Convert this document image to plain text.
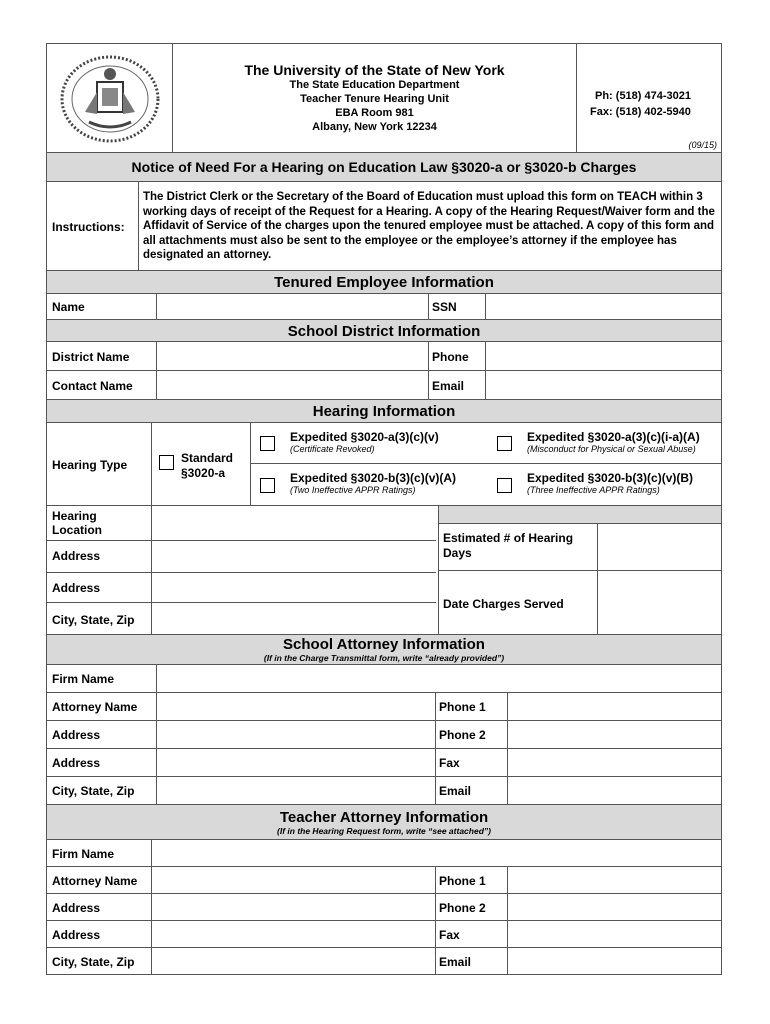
The University of the State of New York
The State Education Department
Teacher Tenure Hearing Unit
EBA Room 981
Albany, New York 12234
Ph: (518) 474-3021
Fax: (518) 402-5940
(09/15)
Notice of Need For a Hearing on Education Law §3020-a or §3020-b Charges
Instructions:
The District Clerk or the Secretary of the Board of Education must upload this form on TEACH within 3 working days of receipt of the Request for a Hearing. A copy of the Hearing Request/Waiver form and the Affidavit of Service of the charges upon the tenured employee must be attached. A copy of this form and all attachments must also be sent to the employee or the employee’s attorney if the employee has designated an attorney.
Tenured Employee Information
Name	SSN
School District Information
District Name	Phone
Contact Name	Email
Hearing Information
Hearing Type	Standard
§3020-a
Expedited §3020-a(3)(c)(v)
(Certificate Revoked)
Expedited §3020-a(3)(c)(i-a)(A)
(Misconduct for Physical or Sexual Abuse)
Expedited §3020-b(3)(c)(v)(A)
(Two Ineffective APPR Ratings)
Expedited §3020-b(3)(c)(v)(B)
(Three Ineffective APPR Ratings)
Hearing
Location
Address
Address
City, State, Zip
Estimated # of Hearing
Days
Date Charges Served
School Attorney Information
(If in the Charge Transmittal form, write “already provided”)
Firm Name
Attorney Name	Phone 1
Address	Phone 2
Address	Fax
City, State, Zip	Email
Teacher Attorney Information
(If in the Hearing Request form, write “see attached”)
Firm Name
Attorney Name	Phone 1
Address	Phone 2
Address	Fax
City, State, Zip	Email
